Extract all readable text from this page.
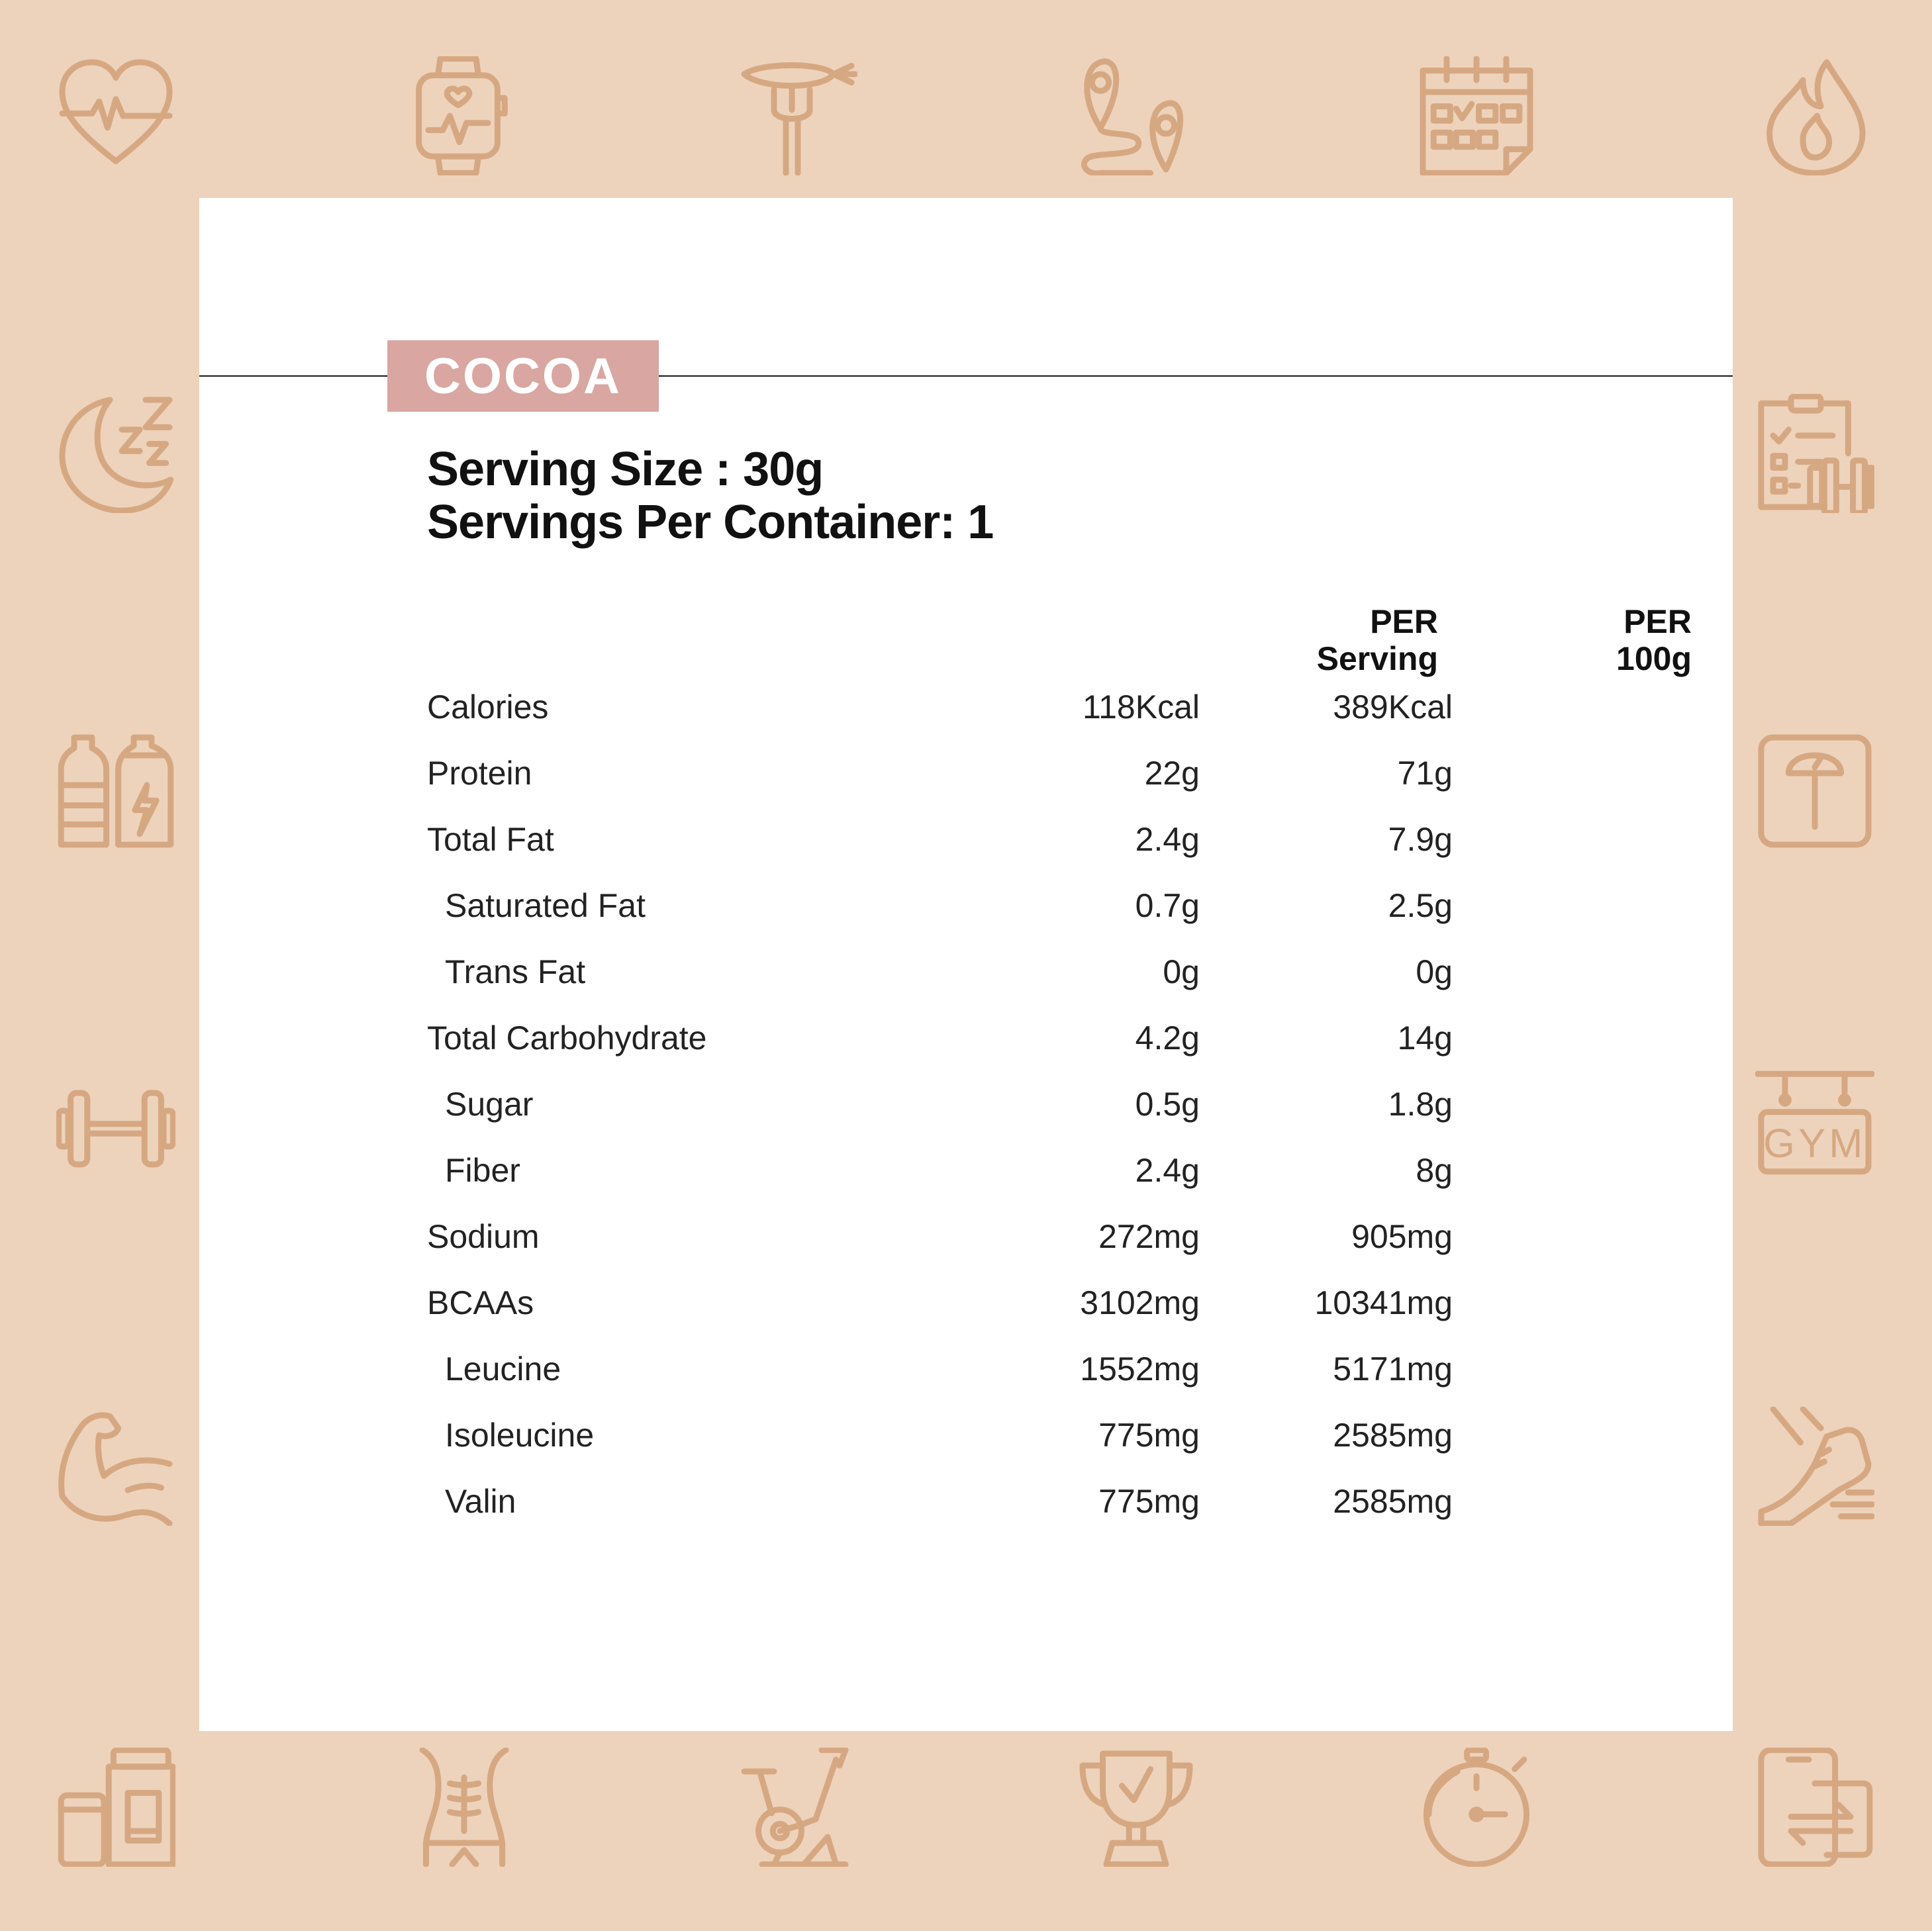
GYM
COCOA
Serving Size : 30g
Servings Per Container: 1
PER
Serving
PER
100g
Calories	118Kcal	389Kcal
Protein	22g	71g
Total Fat	2.4g	7.9g
Saturated Fat	0.7g	2.5g
Trans Fat	0g	0g
Total Carbohydrate	4.2g	14g
Sugar	0.5g	1.8g
Fiber	2.4g	8g
Sodium	272mg	905mg
BCAAs	3102mg	10341mg
Leucine	1552mg	5171mg
Isoleucine	775mg	2585mg
Valin	775mg	2585mg
